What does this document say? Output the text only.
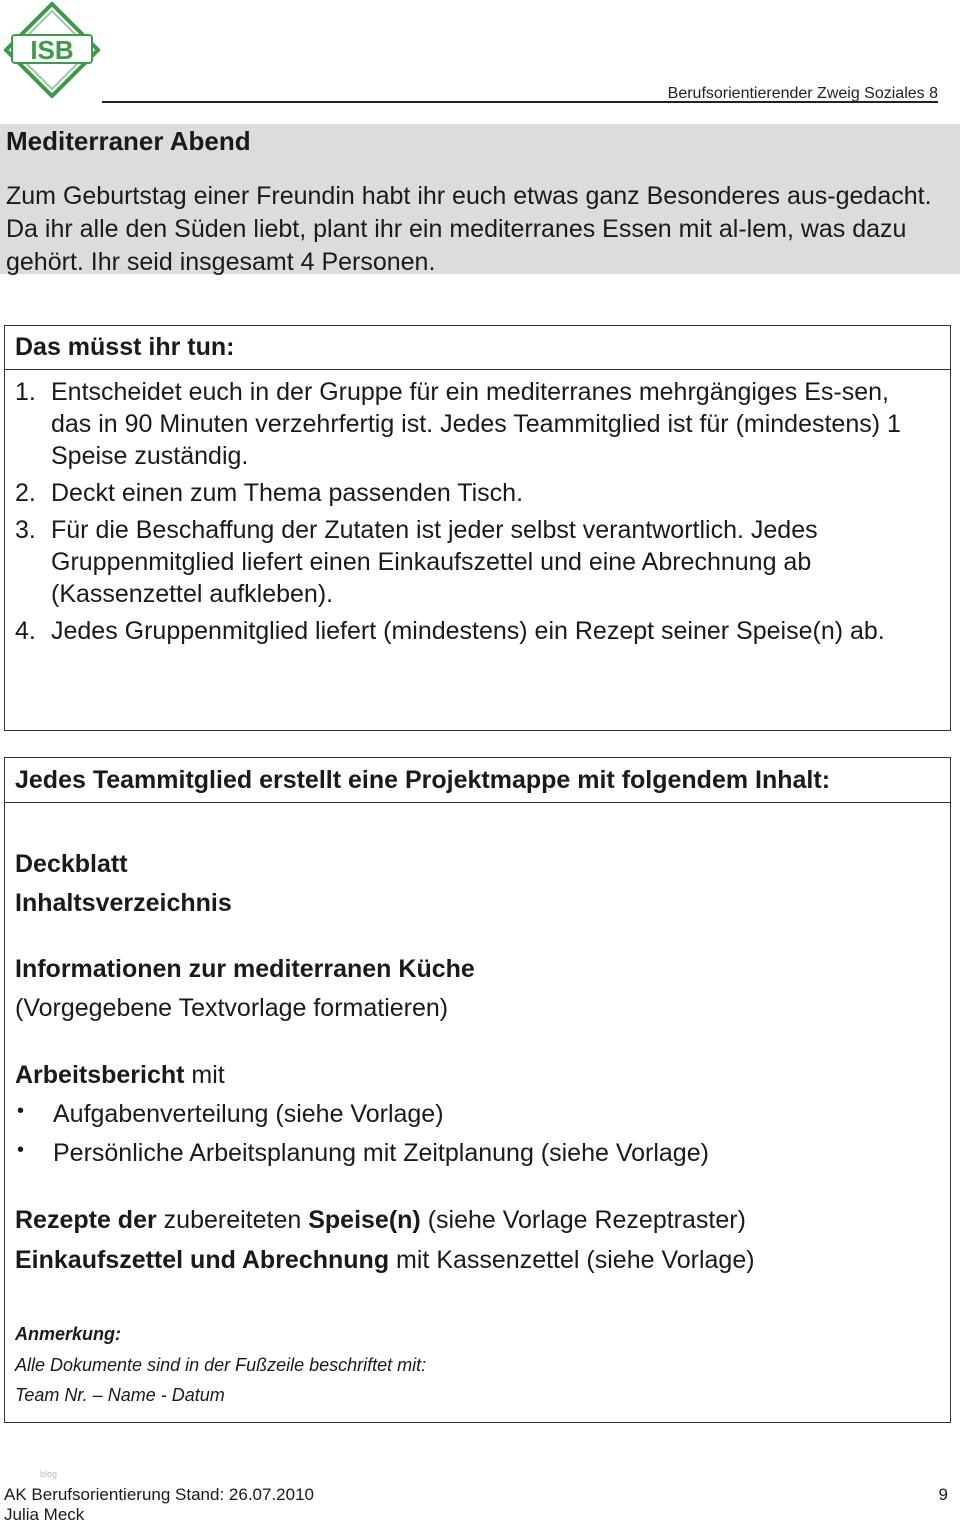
ISB
Berufsorientierender Zweig Soziales 8
Mediterraner Abend
Zum Geburtstag einer Freundin habt ihr euch etwas ganz Besonderes aus-gedacht. Da ihr alle den Süden liebt, plant ihr ein mediterranes Essen mit al-lem, was dazu gehört. Ihr seid insgesamt 4 Personen.
Das müsst ihr tun:
1. Entscheidet euch in der Gruppe für ein mediterranes mehrgängiges Es-sen, das in 90 Minuten verzehrfertig ist. Jedes Teammitglied ist für (mindestens) 1 Speise zuständig.
2. Deckt einen zum Thema passenden Tisch.
3. Für die Beschaffung der Zutaten ist jeder selbst verantwortlich. Jedes Gruppenmitglied liefert einen Einkaufszettel und eine Abrechnung ab (Kassenzettel aufkleben).
4. Jedes Gruppenmitglied liefert (mindestens) ein Rezept seiner Speise(n) ab.
Jedes Teammitglied erstellt eine Projektmappe mit folgendem Inhalt:
Deckblatt
Inhaltsverzeichnis
Informationen zur mediterranen Küche
(Vorgegebene Textvorlage formatieren)
Arbeitsbericht mit
•	Aufgabenverteilung (siehe Vorlage)
•	Persönliche Arbeitsplanung mit Zeitplanung (siehe Vorlage)
Rezepte der zubereiteten Speise(n) (siehe Vorlage Rezeptraster)
Einkaufszettel und Abrechnung mit Kassenzettel (siehe Vorlage)
Anmerkung:
Alle Dokumente sind in der Fußzeile beschriftet mit:
Team Nr. – Name - Datum
blog
AK Berufsorientierung Stand: 26.07.2010
Julia Meck
9
